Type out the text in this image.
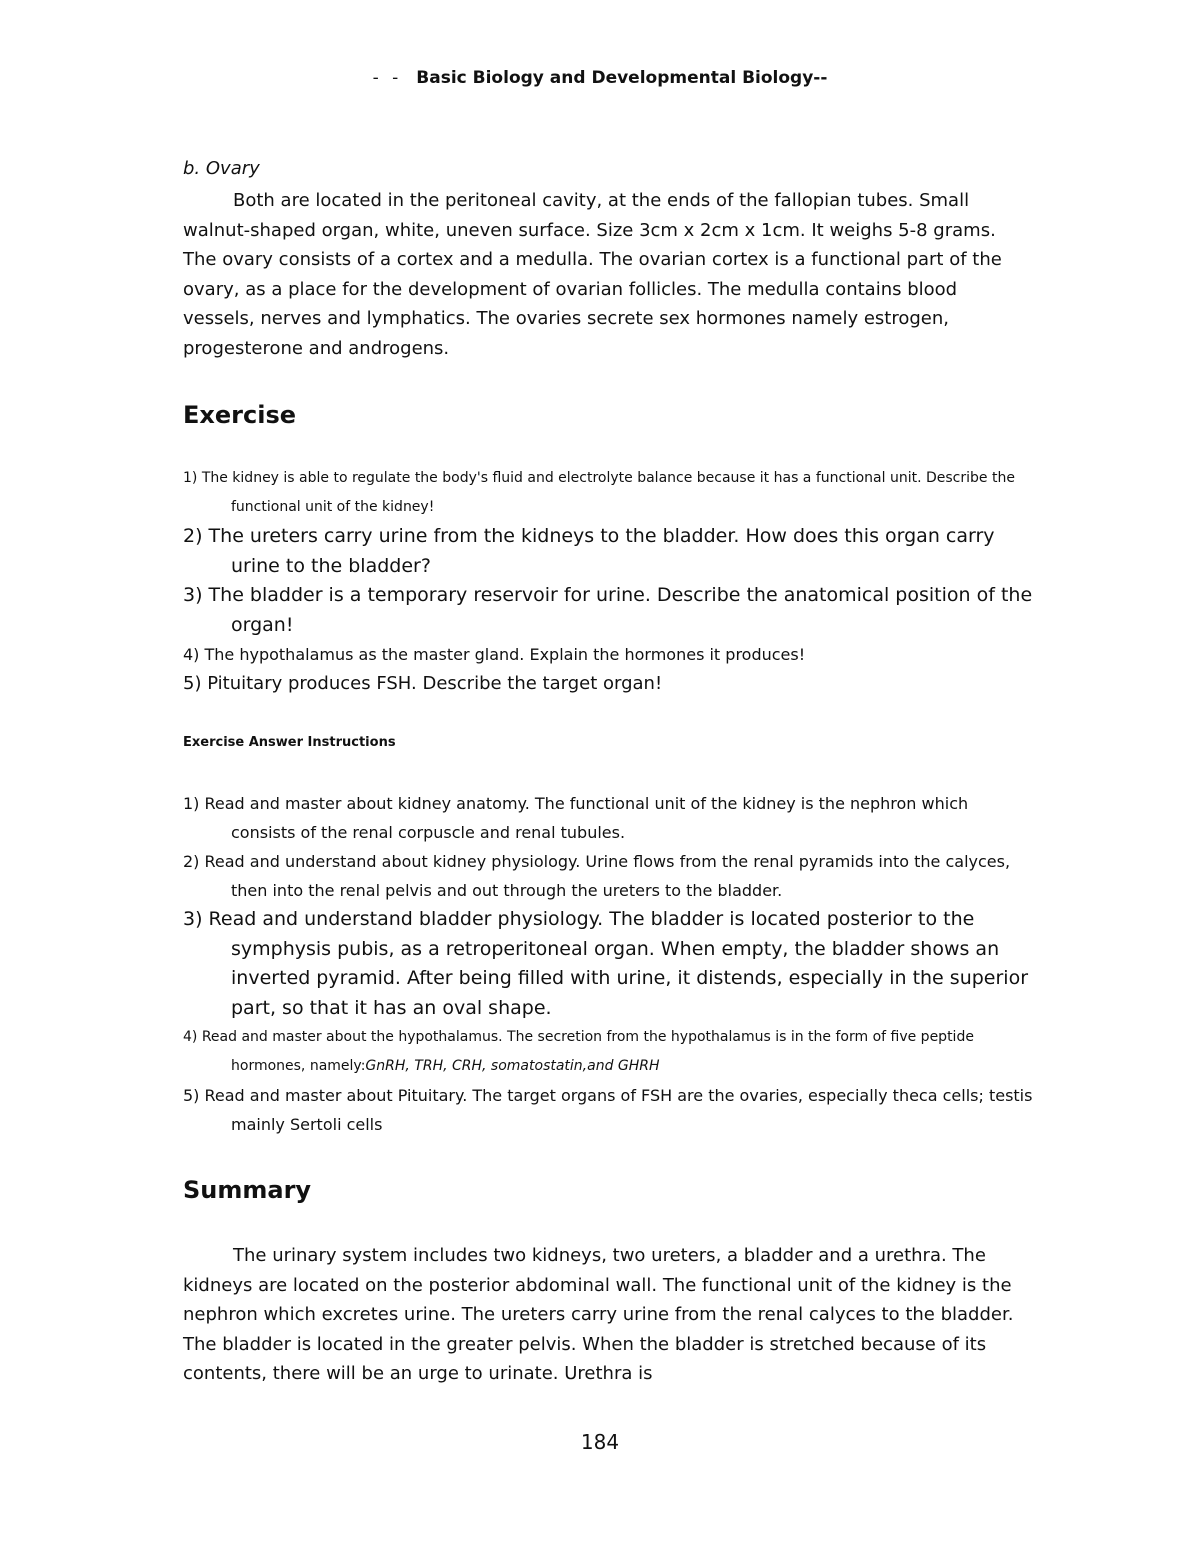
- - Basic Biology and Developmental Biology--
b. Ovary
Both are located in the peritoneal cavity, at the ends of the fallopian tubes. Small walnut-shaped organ, white, uneven surface. Size 3cm x 2cm x 1cm. It weighs 5-8 grams. The ovary consists of a cortex and a medulla. The ovarian cortex is a functional part of the ovary, as a place for the development of ovarian follicles. The medulla contains blood vessels, nerves and lymphatics. The ovaries secrete sex hormones namely estrogen, progesterone and androgens.
Exercise
1) The kidney is able to regulate the body's fluid and electrolyte balance because it has a functional unit. Describe the functional unit of the kidney!
2) The ureters carry urine from the kidneys to the bladder. How does this organ carry urine to the bladder?
3) The bladder is a temporary reservoir for urine. Describe the anatomical position of the organ!
4) The hypothalamus as the master gland. Explain the hormones it produces!
5) Pituitary produces FSH. Describe the target organ!
Exercise Answer Instructions
1) Read and master about kidney anatomy. The functional unit of the kidney is the nephron which consists of the renal corpuscle and renal tubules.
2) Read and understand about kidney physiology. Urine flows from the renal pyramids into the calyces, then into the renal pelvis and out through the ureters to the bladder.
3) Read and understand bladder physiology. The bladder is located posterior to the symphysis pubis, as a retroperitoneal organ. When empty, the bladder shows an inverted pyramid. After being filled with urine, it distends, especially in the superior part, so that it has an oval shape.
4) Read and master about the hypothalamus. The secretion from the hypothalamus is in the form of five peptide hormones, namely:GnRH, TRH, CRH, somatostatin,and GHRH
5) Read and master about Pituitary. The target organs of FSH are the ovaries, especially theca cells; testis mainly Sertoli cells
Summary
The urinary system includes two kidneys, two ureters, a bladder and a urethra. The kidneys are located on the posterior abdominal wall. The functional unit of the kidney is the nephron which excretes urine. The ureters carry urine from the renal calyces to the bladder. The bladder is located in the greater pelvis. When the bladder is stretched because of its contents, there will be an urge to urinate. Urethra is
184
